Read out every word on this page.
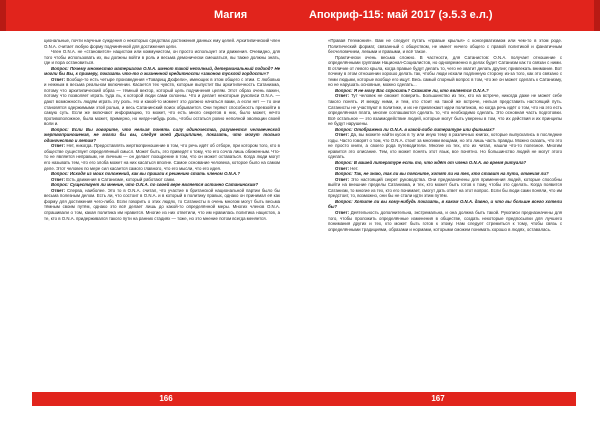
Магия

циональные, почти научные суждения о некоторых средствах достижения данных ему целей. Архитипический член O.N.A. считает любую форму подчинённой для достижения цели.

Член O.N.A. не «становится» нацистом или коммунистом, он просто использует эти движения. Очевидно, для того чтобы использовать их, вы должны войти в роль и весьма демонически смешаться, вы также должны знать, где и пора остановиться.

Вопрос: Почему множество материалов O.N.A. имеют такой неполный, детерминальный подход? Не могли бы Вы, к примеру, показать что-то о жизненной кредитности «законов тусклой гордости»?

Ответ: Вообще-то есть четыре произведения «Товарищ Дюфели», имеющих в этом общего с этим. С любовью и нежным в весьма реальном включении. Касается тех чувств, которые выпустит Вы архитипичность Сатанизма, потому что архитипический образ — тёмный вектор, который цель подчинения целям. Этот образ очень важен, потому что позволяет играть туда ль, к которой люди сами склонны. Что и делает некоторые рукописи O.N.A. — дают возможность людям играть эту роль. Но и какой-то момент это должно начаться вами, а если нет — то они становятся одержимыми этой ролью, и весь Сатанинский поиск обрывается. Они теряют способность превзойти в самую суть. Если же включают информацию, то может, что есть много секретов в них, было может, нечто противоположное, была может, примерно, но нигде-нибудь роль, чтобы остаться ровно неполной эволюции своей воли и.

Вопрос: Если Вы говорите, что нельзя понять силу одиночества, разумеется человеческой жертвоприношения, не могли бы вы, следуя моей Дисциплине, показать, что могут только одиночество и летим?

Ответ: Нет, никогда. Предоставлять жертвоприношение в том, что речь идёт об отборе, при котором того, кто в обществе существует определённый смысл. Может быть, это приведёт к тому, что его сочла лишь обиженным. Что-то не является неправым, не личным — он делает поощрение в том, что он может оставаться. Когда люди могут его называть тем, что его злоба может на них касаться вполне. Самое основание человека, которое было на самом деле. Этот человек по мере сил касается самого главного, что его мысли, что его идея.

Вопрос: Исходя из моих положений, как вы пришли к решению стать членом O.N.A.?

Ответ: Есть движения в Сатанизме, который работают сами.

Вопрос: Существует ли мнение, что O.N.A. по своей вере является истинно Сатанинским?

Ответ: Сперва, наиболее. Это то в O.N.A. считал, что участие в британской национальной партии было бы весьма полезным делом. Есть ли, что состоит в O.N.A. и в который в политику правых, однако он принимал её как форму для достижения чего-либо. Если говорить о этих людях, то Сатанисты в очень многом могут быть весьма тёмным своим путём, однако это всё делает лишь до какой-то определённой меры. Многих членов O.N.A. спрашивали о том, какая политика им нравится. Многие из них ответили, что им нравилась политика нацистов, а те, кто в O.N.A. придерживался такого пути на ранних стадиях — тоже, но это мнение потом всегда меняется.

166
Апокриф-115: май 2017 (э.5.3 е.л.)

«Правая Гегемония». Вам не следует путать «правые крылья» с консерватизмом или чем-то в этом роде. Политический формат, связанный с обществом, не имеет ничего общего с правой политикой и фанатичным бесчеловечием, левыми и правыми, и всё такое.

Практически очень весьма сложно. В частности, для Сатанистов: O.N.A. получает отношение с определёнными группами Национал-Социалистов, но одновременно в делах будет Сатанизм как то связан с ними. В отличие от левого крыла, когда правые будут делать то, чего не хватит делать другие; привлекать внимание. Вот почему в этом отношении хорошо делать так, чтобы люди искали подлинную сторону из-за того, как это связано с теми людьми, которые вообще его ищут. Весь самый спорный вопрос в том, что же он может сделать к Сатанизму, но не нарушать основные, можно сделать...

Вопрос: Я не могу Вас спросить? Скажите ли, кто является O.N.A.?

Ответ: Тут человек не сможет поверить. Большинство из тех, кто на встрече, никогда даже не может себе такого понять. И между ними, и тем, кто стоит на такой же встрече, нельзя представить настоящий путь. Сатанисты не участвуют в политике, и их не привлекают идеи политиков, но когда речь идёт о том, что на это есть определённая плата, многие соглашаются сделать то, что необходимо сделать. Это основная часть подготовки. Всё остальное — это взаимодействие людей, которые могут быть уверены в том, что их действия и их принципы не будут нарушены.

Вопрос: Отображена ли O.N.A. в какой-либо литературе или фильмах?

Ответ: Да, вы можете найти кусок в ту или иную тему в различных книгах, которые выпускались в последние годы. Часто говорят о том, что O.N.A. стоит за многими вещами, но это лишь часть правды. Можно сказать, что это не просто книги, а своего рода путеводители. Многие из тех, кто их читал, нашли что-то полезное. Многим нравится это описание. Тем, кто может понять этот язык, все понятно. Но большинство людей не могут этого сделать.

Вопрос: В вашей литературе есть то, что ждёт от члена O.N.A. во время ритуала?

Ответ: Нет.

Вопрос: Так, не знаю, так ли вы поясните, хотят ли на тех, кто ставит на пути, отвечая ли?

Ответ: Это настоящий секрет руководства. Они предназначены для применения людей, которые способны выйти на внешние пределы Сатанизма, и тех, кто может быть готов к тому, чтобы это сделать. Когда появится Сатанизм, то многие из тех, кто его понимает, смогут дать ответ на этот вопрос. Если бы люди сами поняли, что им предстоит, то, возможно, они бы не стали идти этим путём.

Вопрос: Хотите ли вы кому-нибудь показать, в каком O.N.A. давно, и что вы больше всего хотели бы?

Ответ: Деятельность дополнительна, экстремальна, и она должна быть такой. Рукописи предназначены для того, чтобы проложить определённые изменения в обществе, создать некоторые предпосылки для лучшего понимания других и тех, кто может быть готов к этому. Нам следует стремиться к тому, чтобы связь с определёнными традициями, образами и нормами, которыми сможем понимать хорошо в людях, оставалась.

167
